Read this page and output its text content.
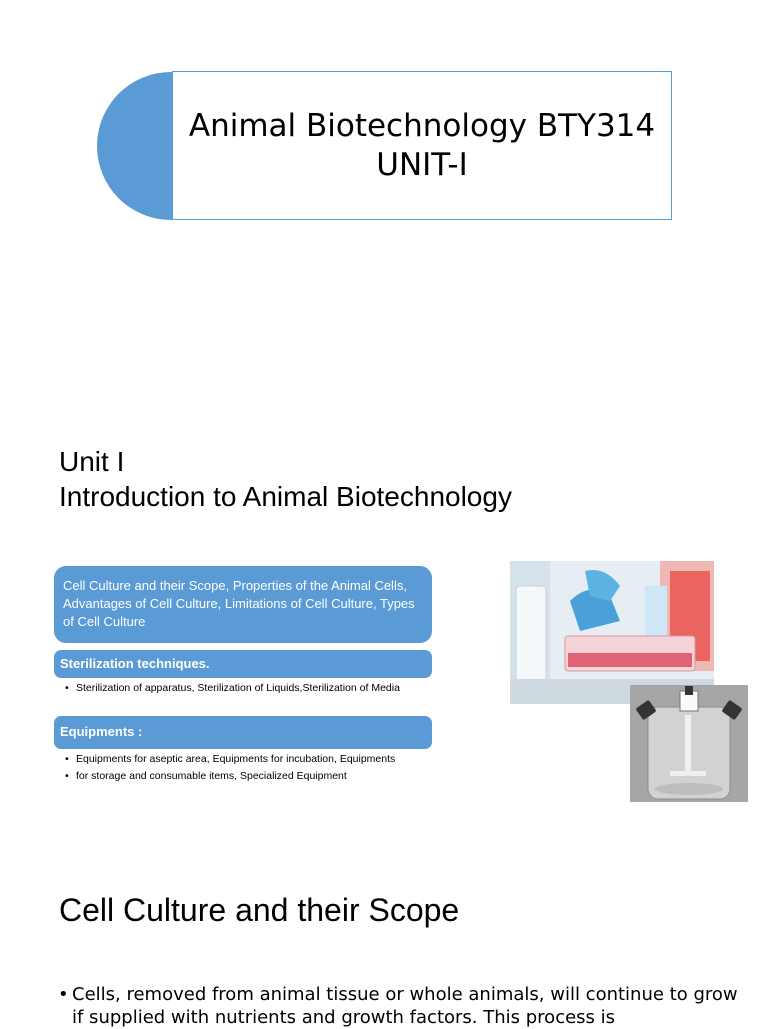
Animal Biotechnology BTY314
UNIT-I
Unit I
Introduction to Animal Biotechnology
Cell Culture and their Scope, Properties of the Animal Cells, Advantages of Cell Culture, Limitations of Cell Culture, Types of Cell Culture
Sterilization techniques.
• Sterilization of apparatus, Sterilization of Liquids,Sterilization of Media
Equipments :
• Equipments for aseptic area, Equipments for incubation, Equipments
• for storage and consumable items, Specialized Equipment
Cell Culture and their Scope
• Cells, removed from animal tissue or whole animals, will continue to grow if supplied with nutrients and growth factors. This process is
